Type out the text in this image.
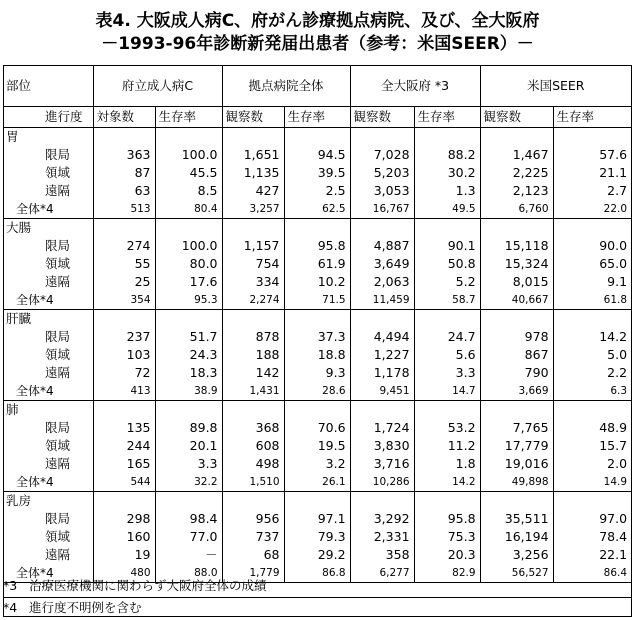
表4. 大阪成人病C、府がん診療拠点病院、及び、全大阪府
－1993-96年診断新発届出患者（参考：米国SEER）－
部位	府立成人病C		拠点病院全体		全大阪府 *3		米国SEER	
進行度	対象数	生存率	観察数	生存率	観察数	生存率	観察数	生存率
胃								
限局	363	100.0	1,651	94.5	7,028	88.2	1,467	57.6
領域	87	45.5	1,135	39.5	5,203	30.2	2,225	21.1
遠隔	63	8.5	427	2.5	3,053	1.3	2,123	2.7
全体*4	513	80.4	3,257	62.5	16,767	49.5	6,760	22.0
大腸								
限局	274	100.0	1,157	95.8	4,887	90.1	15,118	90.0
領域	55	80.0	754	61.9	3,649	50.8	15,324	65.0
遠隔	25	17.6	334	10.2	2,063	5.2	8,015	9.1
全体*4	354	95.3	2,274	71.5	11,459	58.7	40,667	61.8
肝臓								
限局	237	51.7	878	37.3	4,494	24.7	978	14.2
領域	103	24.3	188	18.8	1,227	5.6	867	5.0
遠隔	72	18.3	142	9.3	1,178	3.3	790	2.2
全体*4	413	38.9	1,431	28.6	9,451	14.7	3,669	6.3
肺								
限局	135	89.8	368	70.6	1,724	53.2	7,765	48.9
領域	244	20.1	608	19.5	3,830	11.2	17,779	15.7
遠隔	165	3.3	498	3.2	3,716	1.8	19,016	2.0
全体*4	544	32.2	1,510	26.1	10,286	14.2	49,898	14.9
乳房								
限局	298	98.4	956	97.1	3,292	95.8	35,511	97.0
領域	160	77.0	737	79.3	2,331	75.3	16,194	78.4
遠隔	19	－	68	29.2	358	20.3	3,256	22.1
全体*4	480	88.0	1,779	86.8	6,277	82.9	56,527	86.4
*3 治療医療機関に関わらず大阪府全体の成績
*4 進行度不明例を含む
